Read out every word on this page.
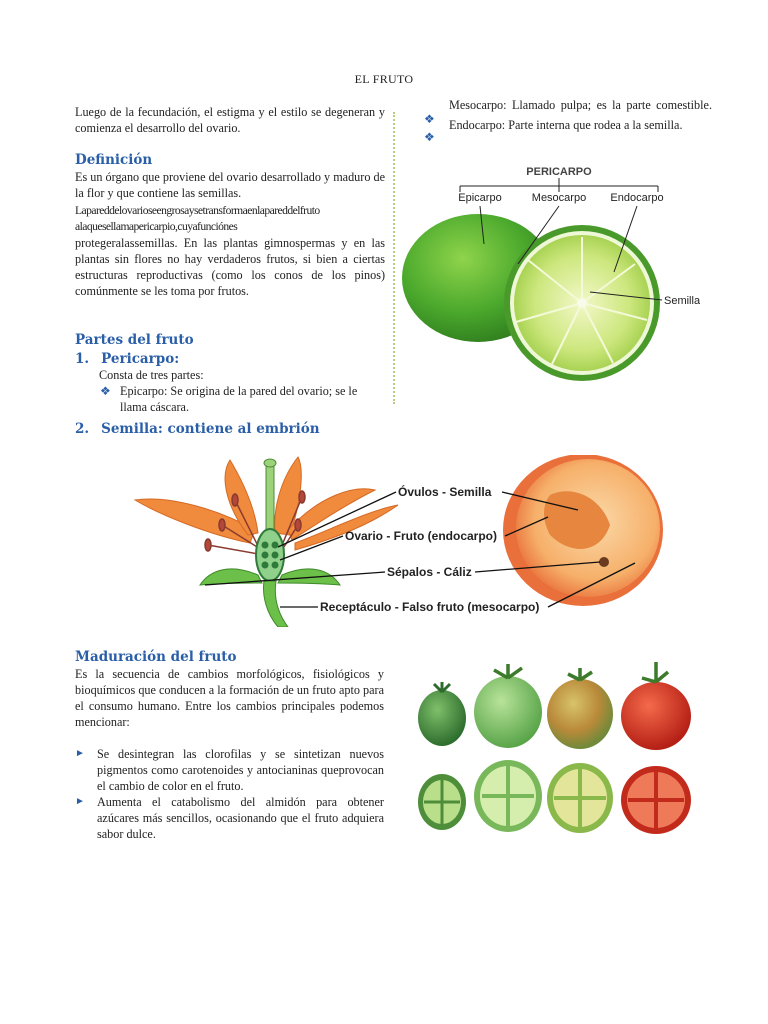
EL FRUTO
Luego de la fecundación, el estigma y el estilo se degeneran y comienza el desarrollo del ovario.
Definición
Es un órgano que proviene del ovario desarrollado y maduro de la flor y que contiene las semillas.
Lapareddelovarioseengrosaysetransformaenlapareddelfruto
alaquesellamapericarpio,cuyafunciónes
protegeralassemillas. En las plantas gimnospermas y en las plantas sin flores no hay verdaderos frutos, si bien a ciertas estructuras reproductivas (como los conos de los pinos) comúnmente se les toma por frutos.
Partes del fruto
1. Pericarpo:
Consta de tres partes:
❖ Epicarpo: Se origina de la pared del ovario; se le llama cáscara.
2. Semilla: contiene al embrión
❖
❖
Mesocarpo: Llamado pulpa; es la parte comestible. Endocarpo: Parte interna que rodea a la semilla.
PERICARPO
Epicarpo	Mesocarpo Endocarpo
Semilla
Óvulos - Semilla
Ovario - Fruto (endocarpo)
Sépalos - Cáliz
Receptáculo - Falso fruto (mesocarpo)
Maduración del fruto
Es la secuencia de cambios morfológicos, fisiológicos y bioquímicos que conducen a la formación de un fruto apto para el consumo humano. Entre los cambios principales podemos mencionar:
► Se desintegran las clorofilas y se sintetizan nuevos pigmentos como carotenoides y antocianinas queprovocan el cambio de color en el fruto.
► Aumenta el catabolismo del almidón para obtener azúcares más sencillos, ocasionando que el fruto adquiera sabor dulce.
